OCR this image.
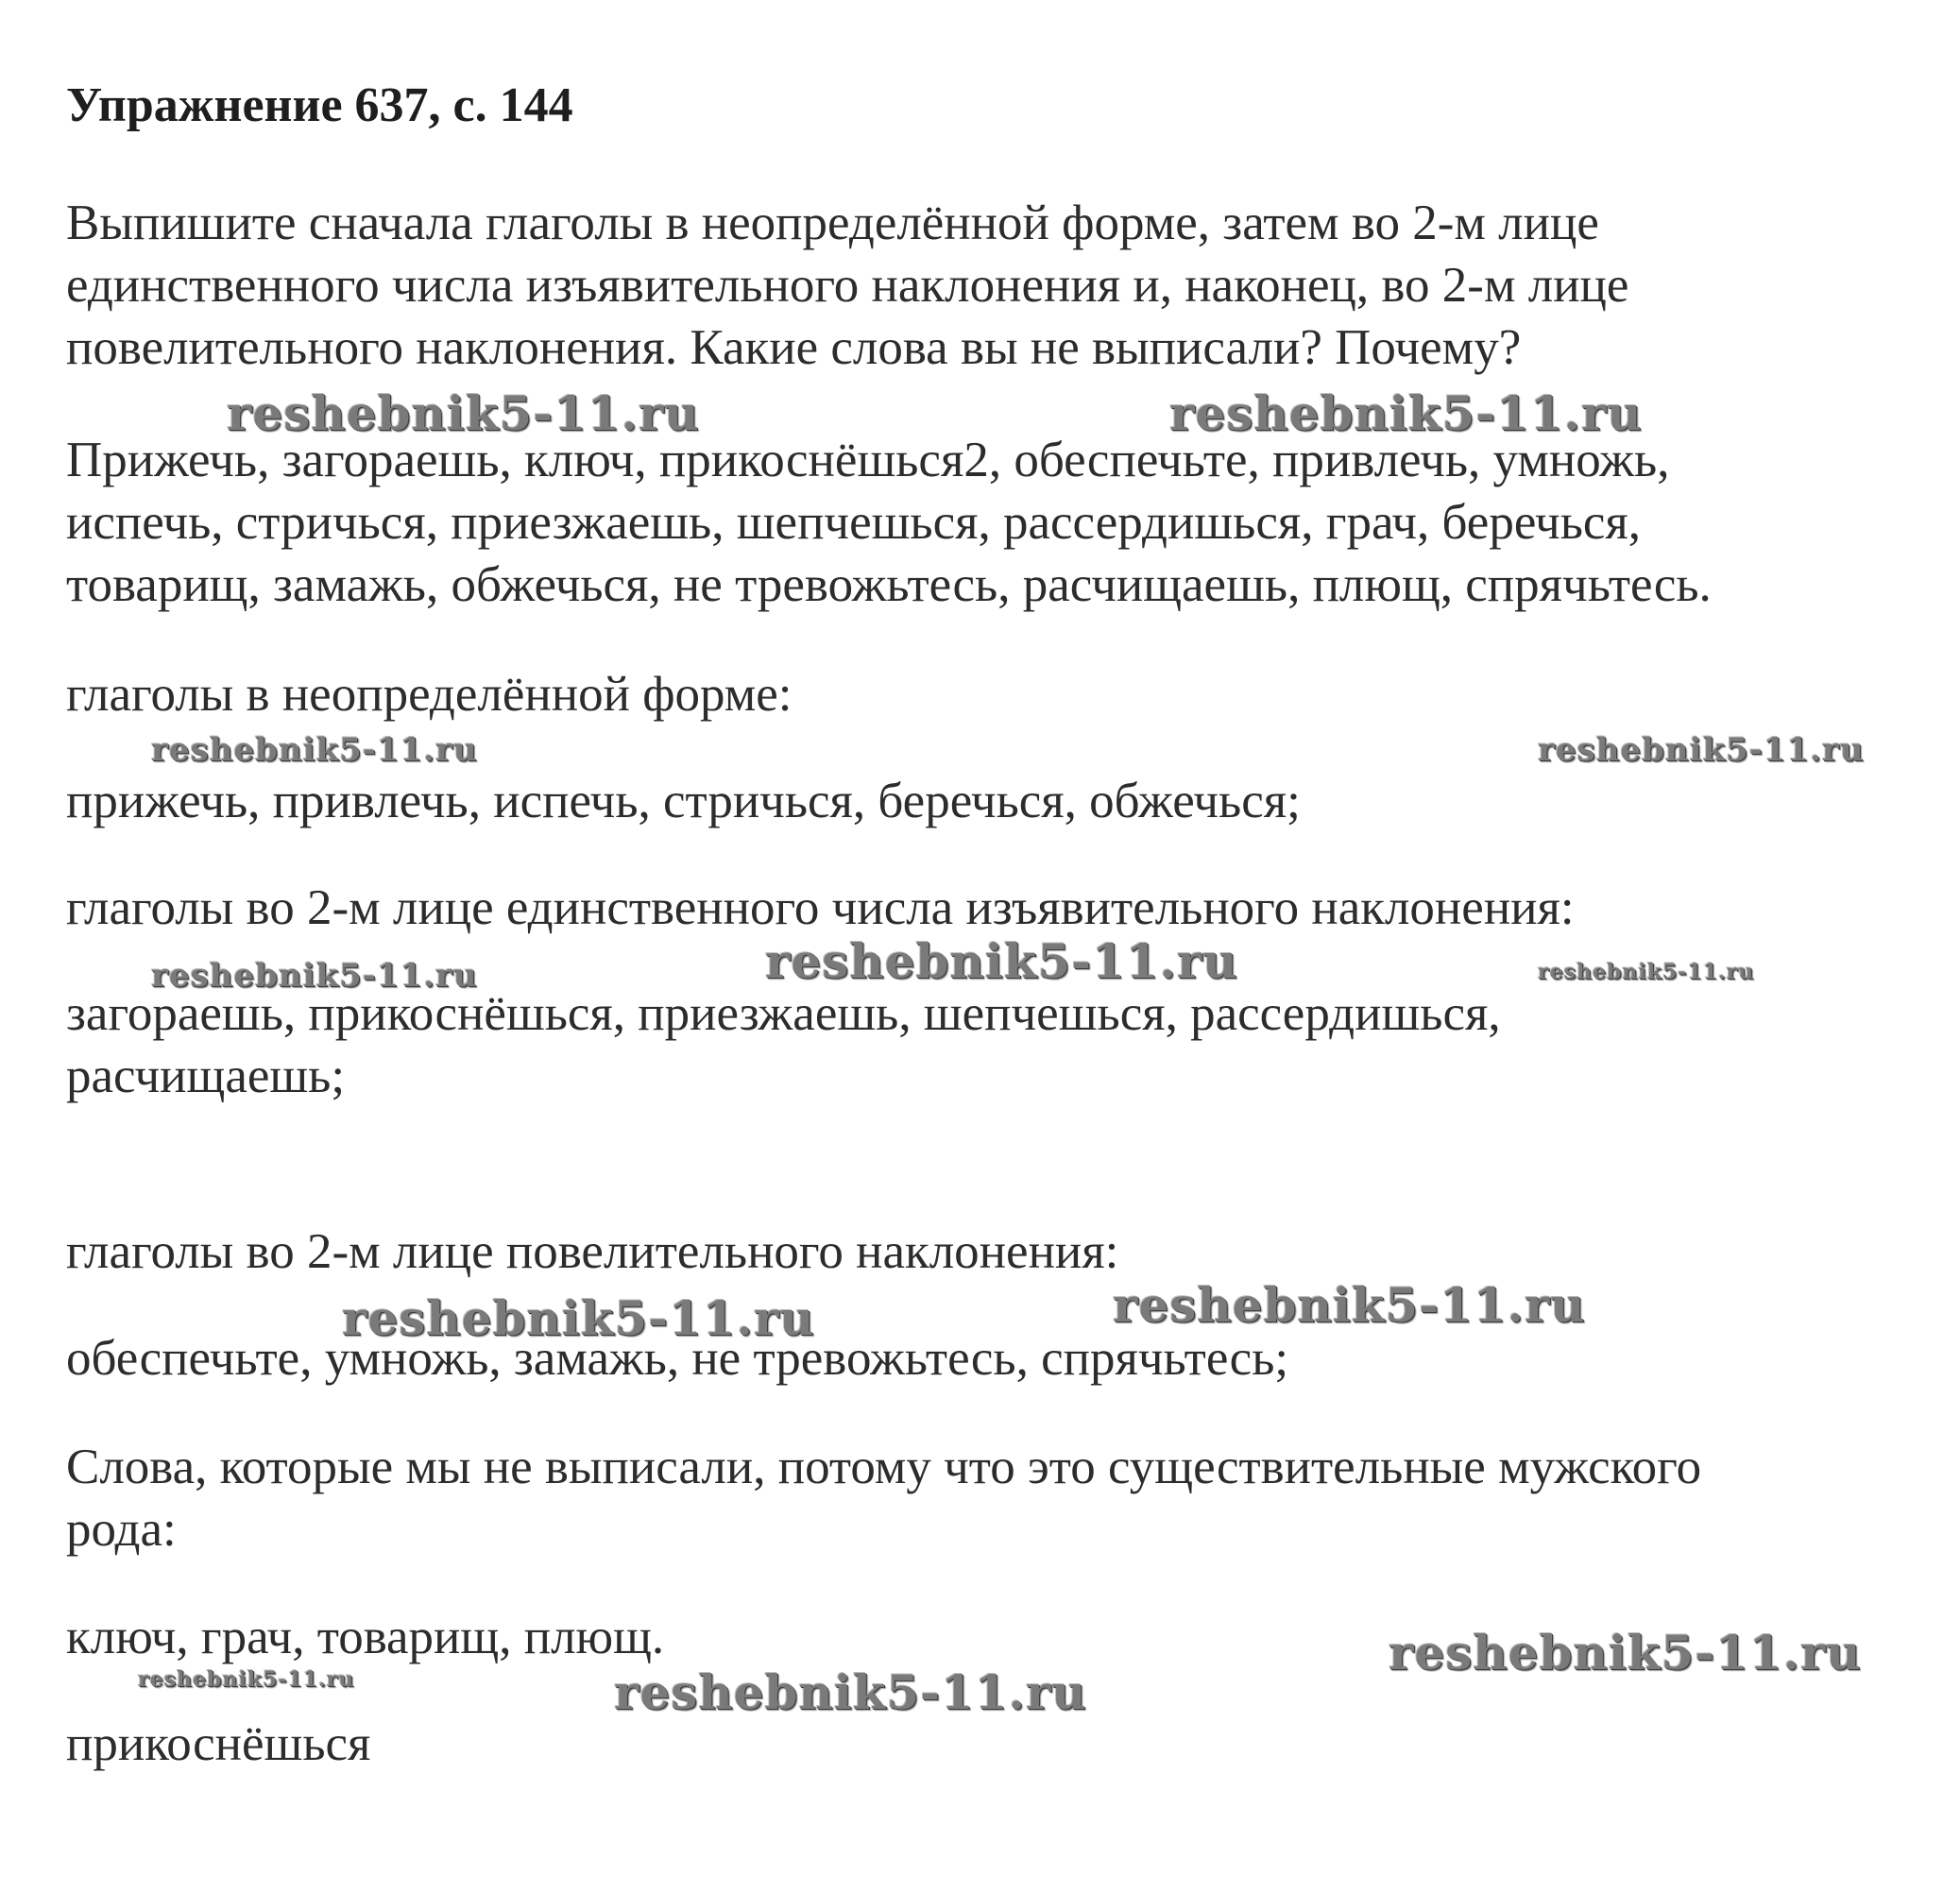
Упражнение 637, с. 144

Выпишите сначала глаголы в неопределённой форме, затем во 2-м лице

единственного числа изъявительного наклонения и, наконец, во 2-м лице

повелительного наклонения. Какие слова вы не выписали? Почему?

Прижечь, загораешь, ключ, прикоснёшься2, обеспечьте, привлечь, умножь,

испечь, стричься, приезжаешь, шепчешься, рассердишься, грач, беречься,

товарищ, замажь, обжечься, не тревожьтесь, расчищаешь, плющ, спрячьтесь.

глаголы в неопределённой форме:

прижечь, привлечь, испечь, стричься, беречься, обжечься;

глаголы во 2-м лице единственного числа изъявительного наклонения:

загораешь, прикоснёшься, приезжаешь, шепчешься, рассердишься,

расчищаешь;

глаголы во 2-м лице повелительного наклонения:

обеспечьте, умножь, замажь, не тревожьтесь, спрячьтесь;

Слова, которые мы не выписали, потому что это существительные мужского

рода:

ключ, грач, товарищ, плющ.

прикоснёшься

reshebnik5-11.ru	reshebnik5-11.ru

reshebnik5-11.ru	reshebnik5-11.ru

reshebnik5-11.ru	reshebnik5-11.ru	reshebnik5-11.ru

reshebnik5-11.ru	reshebnik5-11.ru

reshebnik5-11.ru

reshebnik5-11.ru	reshebnik5-11.ru
